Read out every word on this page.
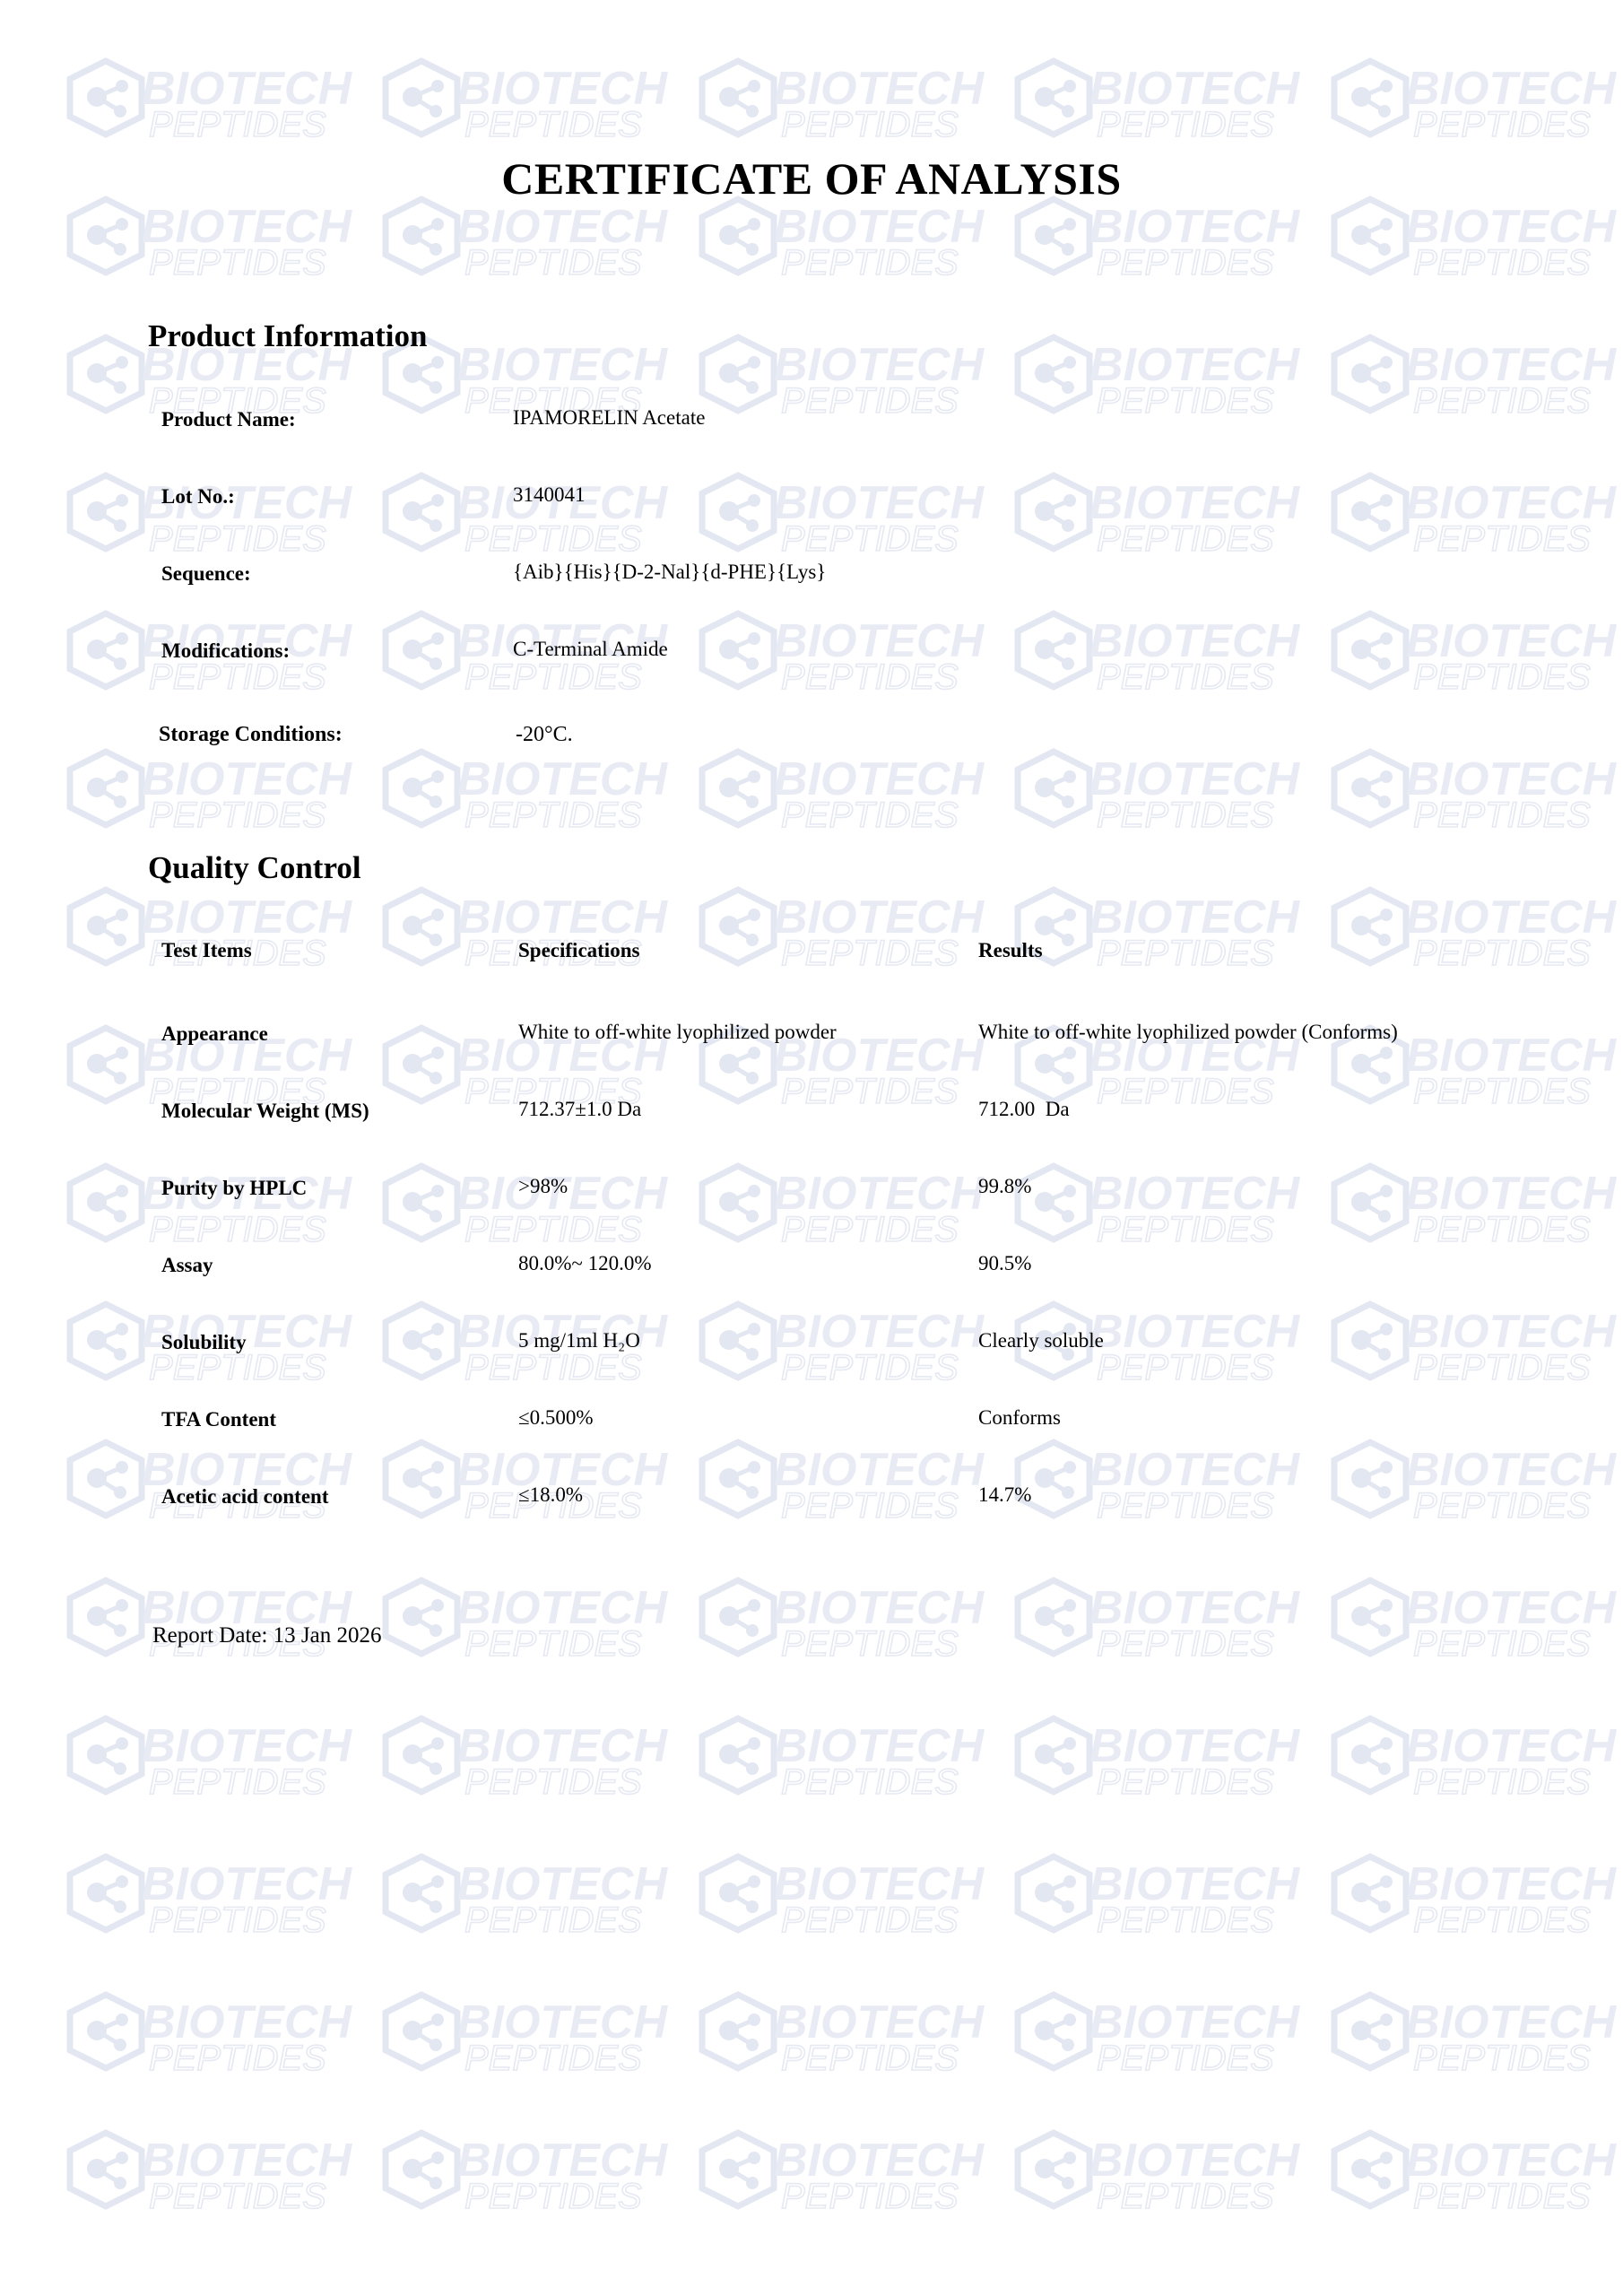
BIOTECH
CERTIFICATE OF ANALYSIS
Product Information
Product Name:	IPAMORELIN Acetate
Lot No.:	3140041
Sequence:	{Aib}{His}{D-2-Nal}{d-PHE}{Lys}
Modifications:	C-Terminal Amide
Storage Conditions:	-20°C.
Quality Control
Test Items	Specifications	Results
Appearance	White to off-white lyophilized powder	White to off-white lyophilized powder (Conforms)
Molecular Weight (MS)	712.37±1.0 Da	712.00  Da
Purity by HPLC	>98%	99.8%
Assay	80.0%~ 120.0%	90.5%
Solubility	5 mg/1ml H₂O	Clearly soluble
TFA Content	≤0.500%	Conforms
Acetic acid content	≤18.0%	14.7%
Report Date: 13 Jan 2026
